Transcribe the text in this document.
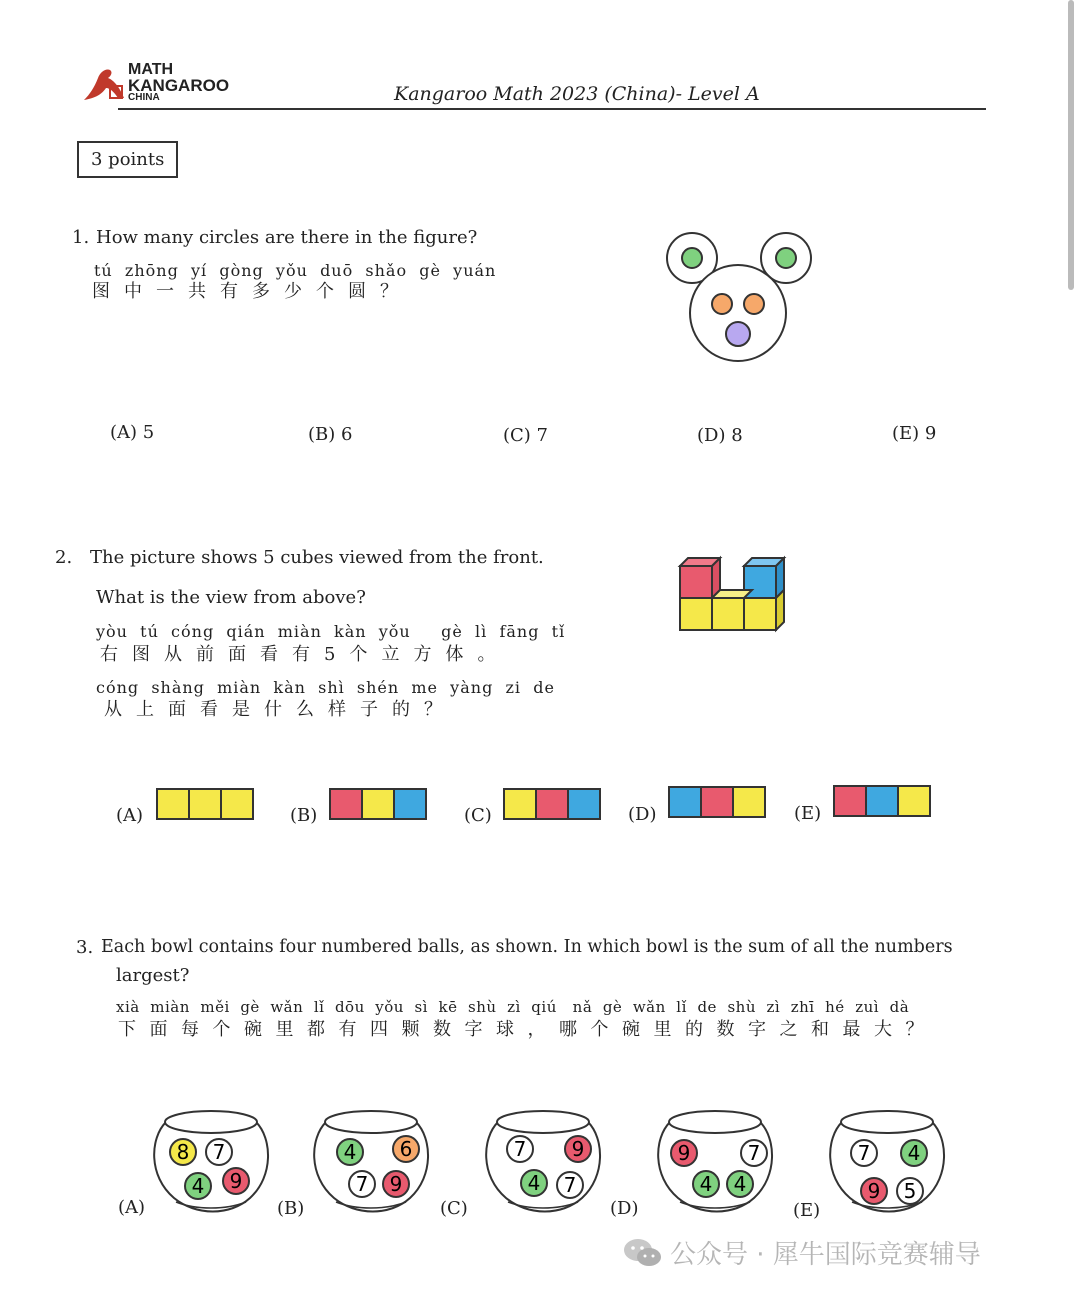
MATH
KANGAROO
CHINA	Kangaroo Math 2023 (China)- Level A
3 points
1. How many circles are there in the figure?
tú  zhōng  yí  gòng  yǒu  duō  shǎo  gè  yuán
图中一共有多少个圆？
(A) 5	(B) 6	(C) 7	(D) 8	(E) 9
2. The picture shows 5 cubes viewed from the front.
What is the view from above?
yòu  tú  cóng  qián  miàn  kàn  yǒu     gè  lì  fāng  tǐ
右图从前面看有5个立方体。
cóng  shàng  miàn  kàn  shì  shén  me  yàng  zi  de
从上面看是什么样子的？
(A)	(B)	(C)	(D)	(E)
3. Each bowl contains four numbered balls, as shown. In which bowl is the sum of all the numbers
largest?
xià  miàn  měi  gè  wǎn  lǐ  dōu  yǒu  sì  kē  shù  zì  qiú   nǎ  gè  wǎn  lǐ  de  shù  zì  zhī  hé  zuì  dà
下面每个碗里都有四颗数字球，哪个碗里的数字之和最大？
(A)
8 7
4 9
(B)
4 6
7 9
(C)
7 9
4 7
(D)
9	7
4 4
(E)
7 4
9 5
公众号 · 犀牛国际竞赛辅导
